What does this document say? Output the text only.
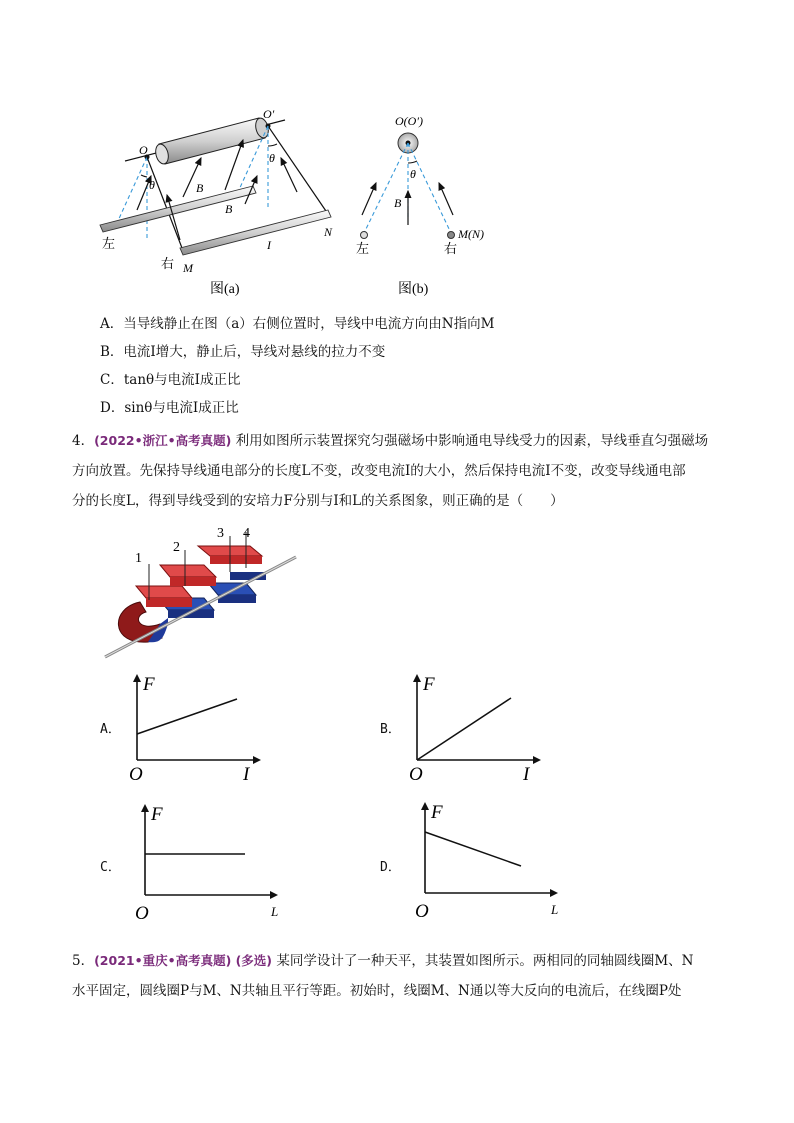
O
O′
θ
θ
B
B
I
N
M
左
右
图(a)
O(O′)
θ
B
左	右
M(N)
图(b)
A．当导线静止在图（a）右侧位置时，导线中电流方向由N指向M
B．电流I增大，静止后，导线对悬线的拉力不变
C．tanθ与电流I成正比
D．sinθ与电流I成正比
4．(2022•浙江•高考真题) 利用如图所示装置探究匀强磁场中影响通电导线受力的因素，导线垂直匀强磁场
方向放置。先保持导线通电部分的长度L不变，改变电流I的大小，然后保持电流I不变，改变导线通电部
分的长度L，得到导线受到的安培力F分别与I和L的关系图象，则正确的是（　　）
1
2
3 4
A．
F
O	I
B．
F
O	I
C．
F
O	L
D．
F
O	L
5．(2021•重庆•高考真题) (多选) 某同学设计了一种天平，其装置如图所示。两相同的同轴圆线圈M、N
水平固定，圆线圈P与M、N共轴且平行等距。初始时，线圈M、N通以等大反向的电流后，在线圈P处
